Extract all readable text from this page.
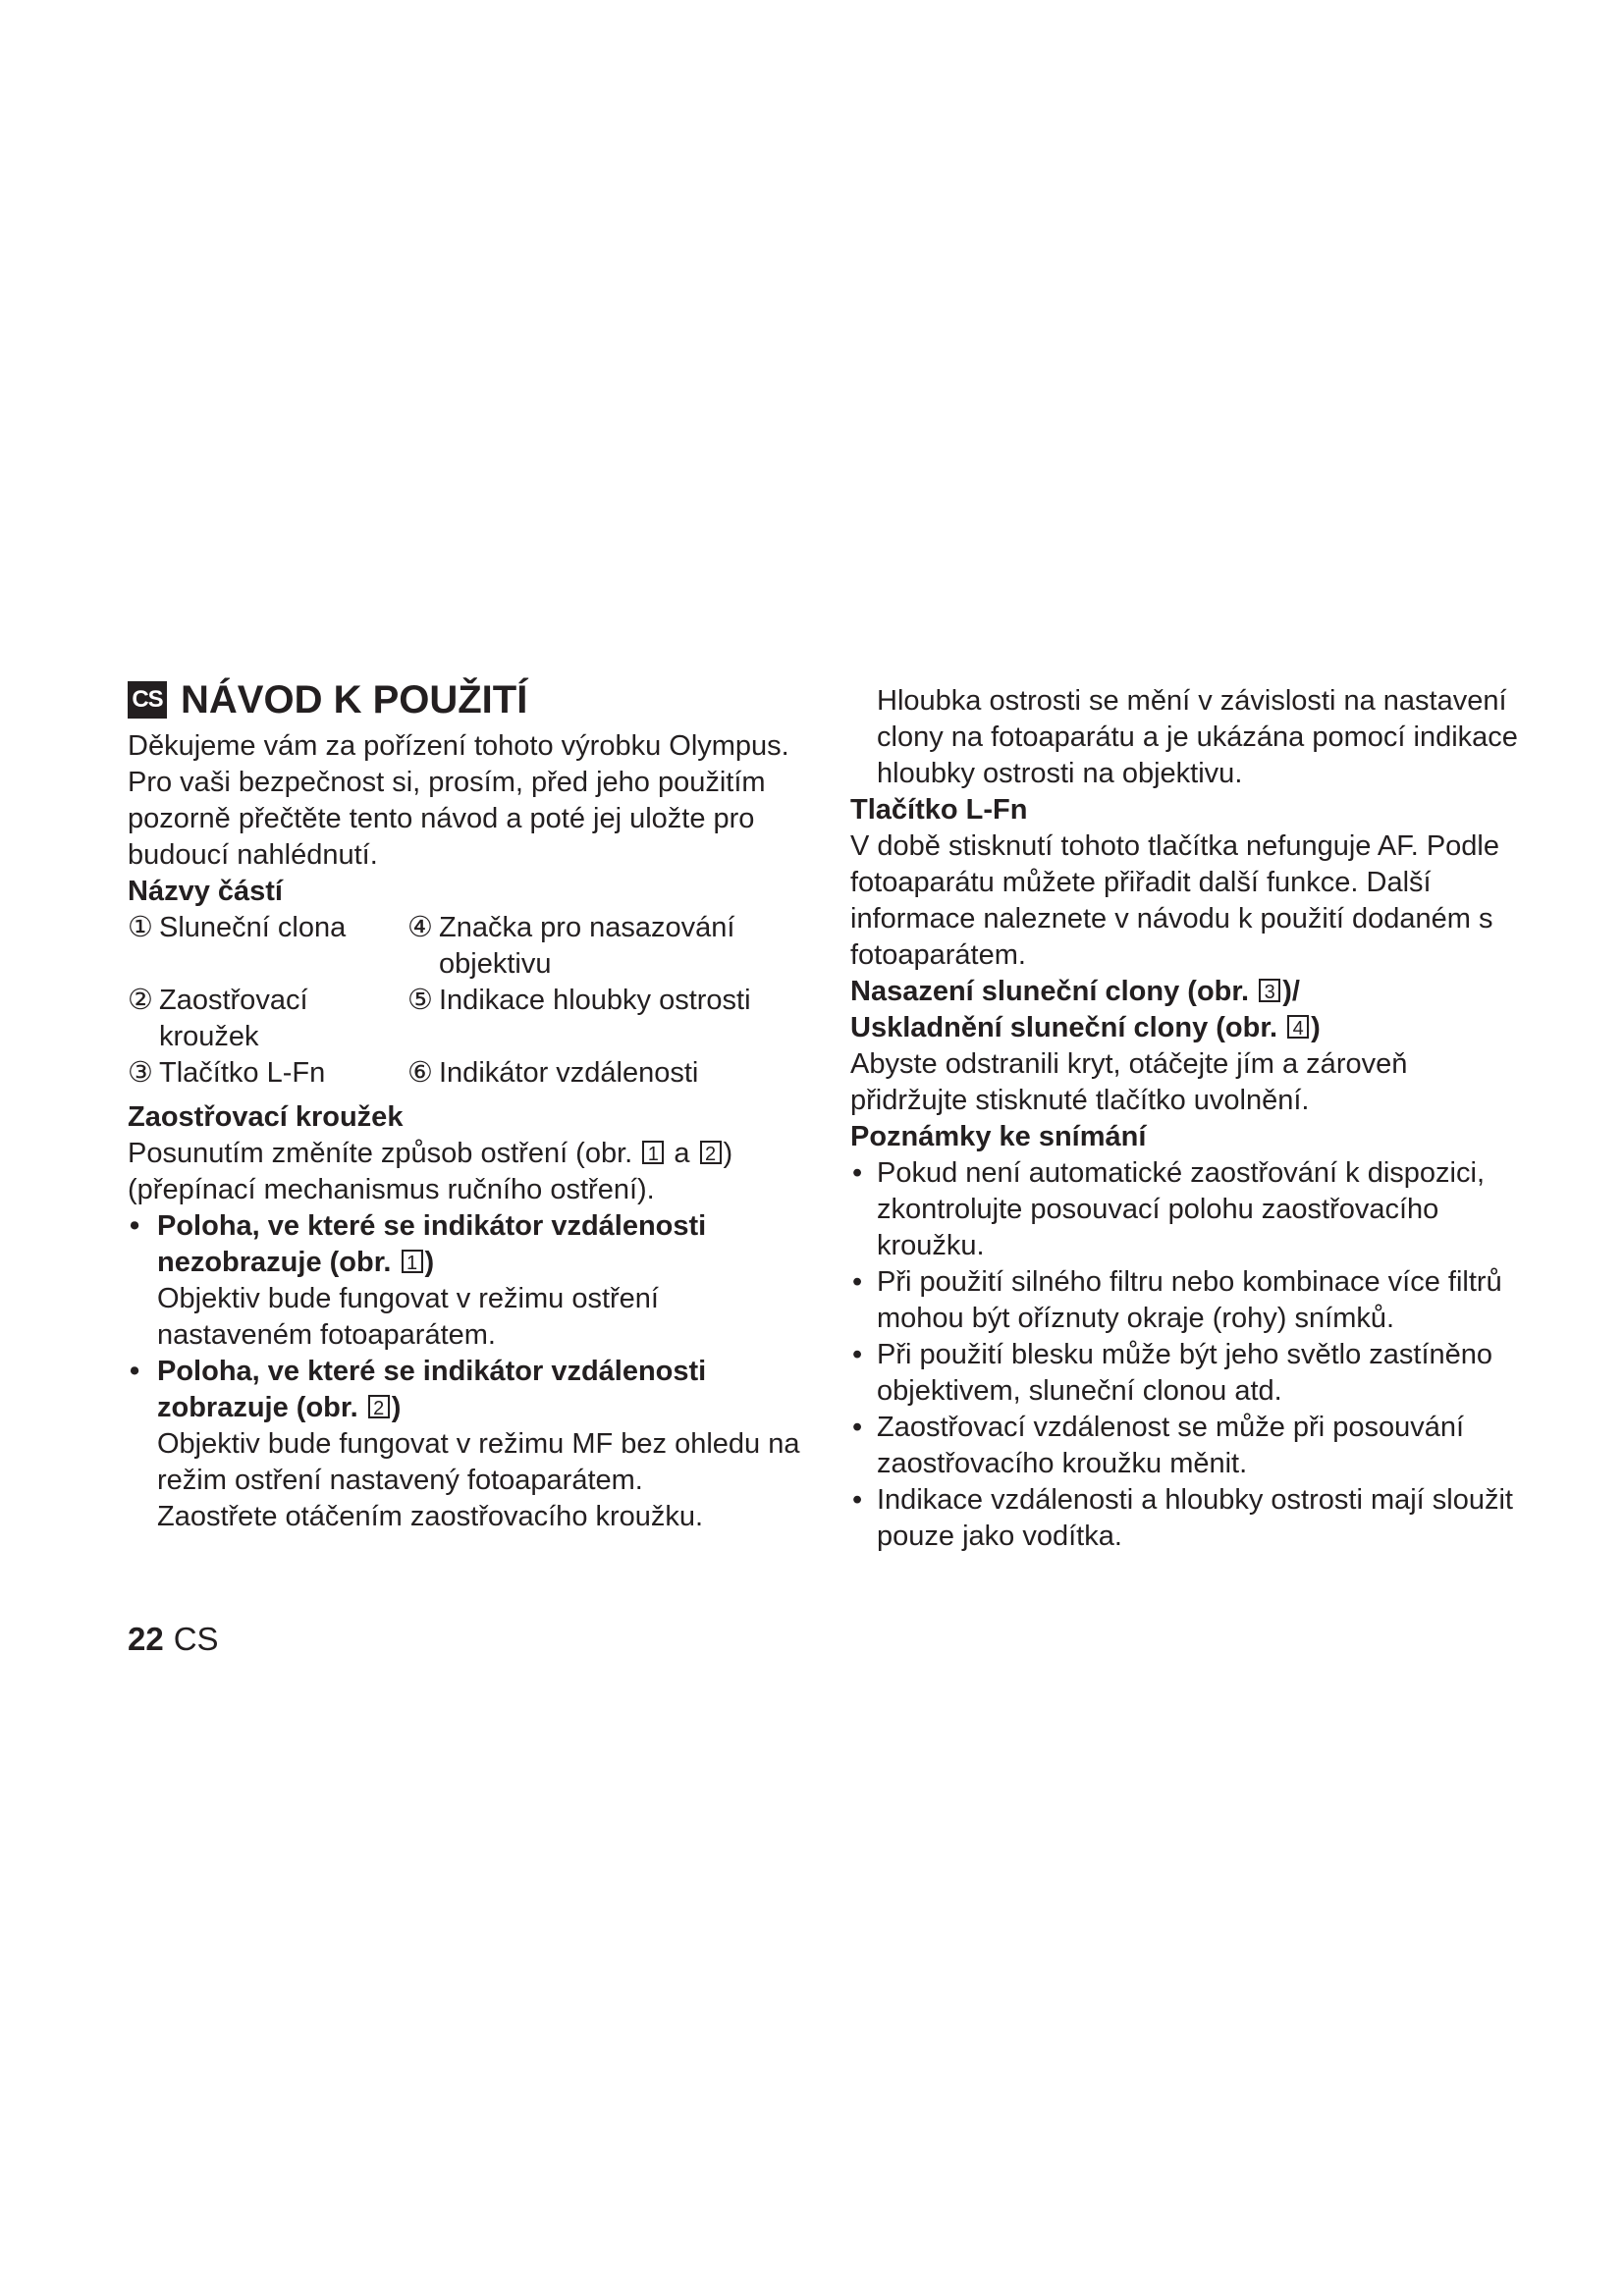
CS NÁVOD K POUŽITÍ

Děkujeme vám za pořízení tohoto výrobku Olympus. Pro vaši bezpečnost si, prosím, před jeho použitím pozorně přečtěte tento návod a poté jej uložte pro budoucí nahlédnutí.

Názvy částí
① Sluneční clona ④ Značka pro nasazování objektivu
② Zaostřovací kroužek
⑤ Indikace hloubky ostrosti
③ Tlačítko L-Fn	⑥ Indikátor vzdálenosti
Zaostřovací kroužek

Posunutím změníte způsob ostření (obr. 1 a 2 ) (přepínací mechanismus ručního ostření).

• Poloha, ve které se indikátor vzdálenosti nezobrazuje (obr. 1 )
Objektiv bude fungovat v režimu ostření nastaveném fotoaparátem.
• Poloha, ve které se indikátor vzdálenosti zobrazuje (obr. 2 )
Objektiv bude fungovat v režimu MF bez ohledu na režim ostření nastavený fotoaparátem.
Zaostřete otáčením zaostřovacího kroužku.

Hloubka ostrosti se mění v závislosti na nastavení clony na fotoaparátu a je ukázána pomocí indikace hloubky ostrosti na objektivu.

Tlačítko L-Fn

V době stisknutí tohoto tlačítka nefunguje AF. Podle fotoaparátu můžete přiřadit další funkce. Další informace naleznete v návodu k použití dodaném s fotoaparátem.

Nasazení sluneční clony (obr. 3 )/
Uskladnění sluneční clony (obr. 4 )

Abyste odstranili kryt, otáčejte jím a zároveň přidržujte stisknuté tlačítko uvolnění.

Poznámky ke snímání
• Pokud není automatické zaostřování k dispozici, zkontrolujte posouvací polohu zaostřovacího kroužku.
• Při použití silného filtru nebo kombinace více filtrů mohou být oříznuty okraje (rohy) snímků.
• Při použití blesku může být jeho světlo zastíněno objektivem, sluneční clonou atd.
• Zaostřovací vzdálenost se může při posouvání zaostřovacího kroužku měnit.
• Indikace vzdálenosti a hloubky ostrosti mají sloužit pouze jako vodítka.
22 CS
